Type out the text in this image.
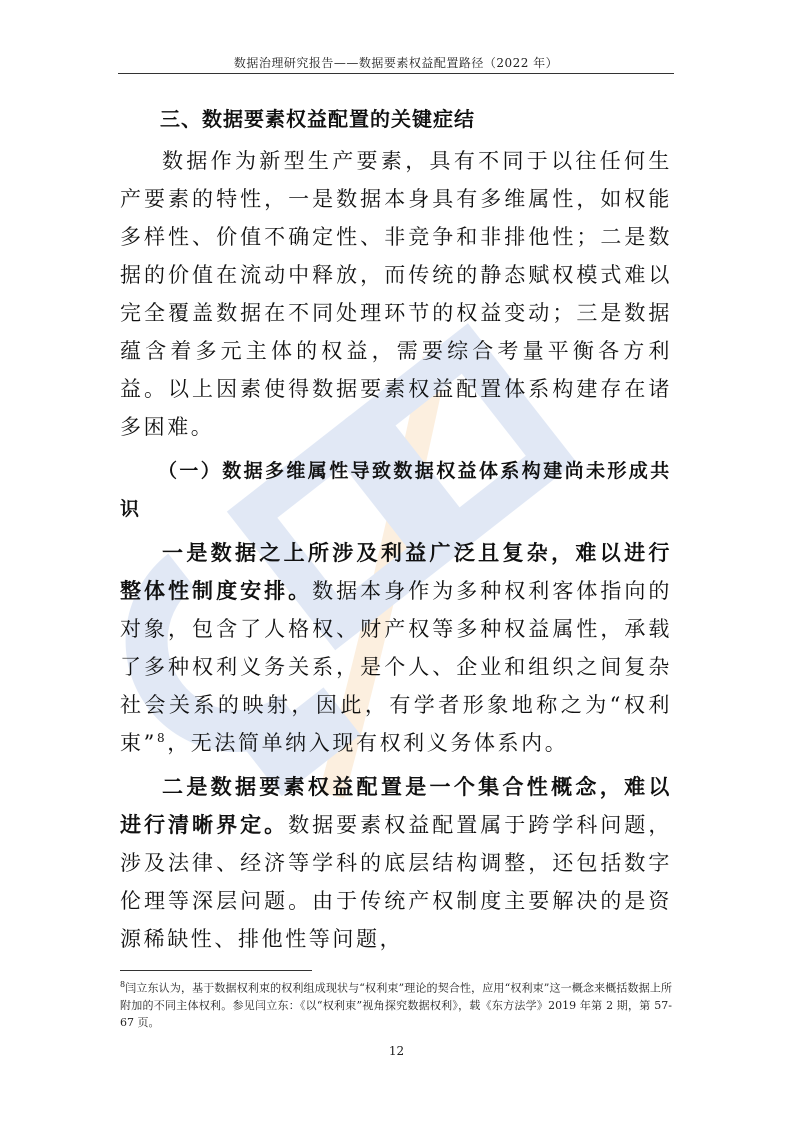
数据治理研究报告——数据要素权益配置路径（2022 年）

三、数据要素权益配置的关键症结

数据作为新型生产要素，具有不同于以往任何生产要素的特性，一是数据本身具有多维属性，如权能多样性、价值不确定性、非竞争和非排他性；二是数据的价值在流动中释放，而传统的静态赋权模式难以完全覆盖数据在不同处理环节的权益变动；三是数据蕴含着多元主体的权益，需要综合考量平衡各方利益。以上因素使得数据要素权益配置体系构建存在诸多困难。

（一）数据多维属性导致数据权益体系构建尚未形成共识

一是数据之上所涉及利益广泛且复杂，难以进行整体性制度安排。数据本身作为多种权利客体指向的对象，包含了人格权、财产权等多种权益属性，承载了多种权利义务关系，是个人、企业和组织之间复杂社会关系的映射，因此，有学者形象地称之为“权利束”$^8$，无法简单纳入现有权利义务体系内。

二是数据要素权益配置是一个集合性概念，难以进行清晰界定。数据要素权益配置属于跨学科问题，涉及法律、经济等学科的底层结构调整，还包括数字伦理等深层问题。由于传统产权制度主要解决的是资源稀缺性、排他性等问题，

$^8$闫立东认为，基于数据权利束的权利组成现状与“权利束”理论的契合性，应用“权利束”这一概念来概括数据上所附加的不同主体权利。参见闫立东：《以“权利束”视角探究数据权利》，载《东方法学》2019 年第 2 期，第 57-67 页。
12
